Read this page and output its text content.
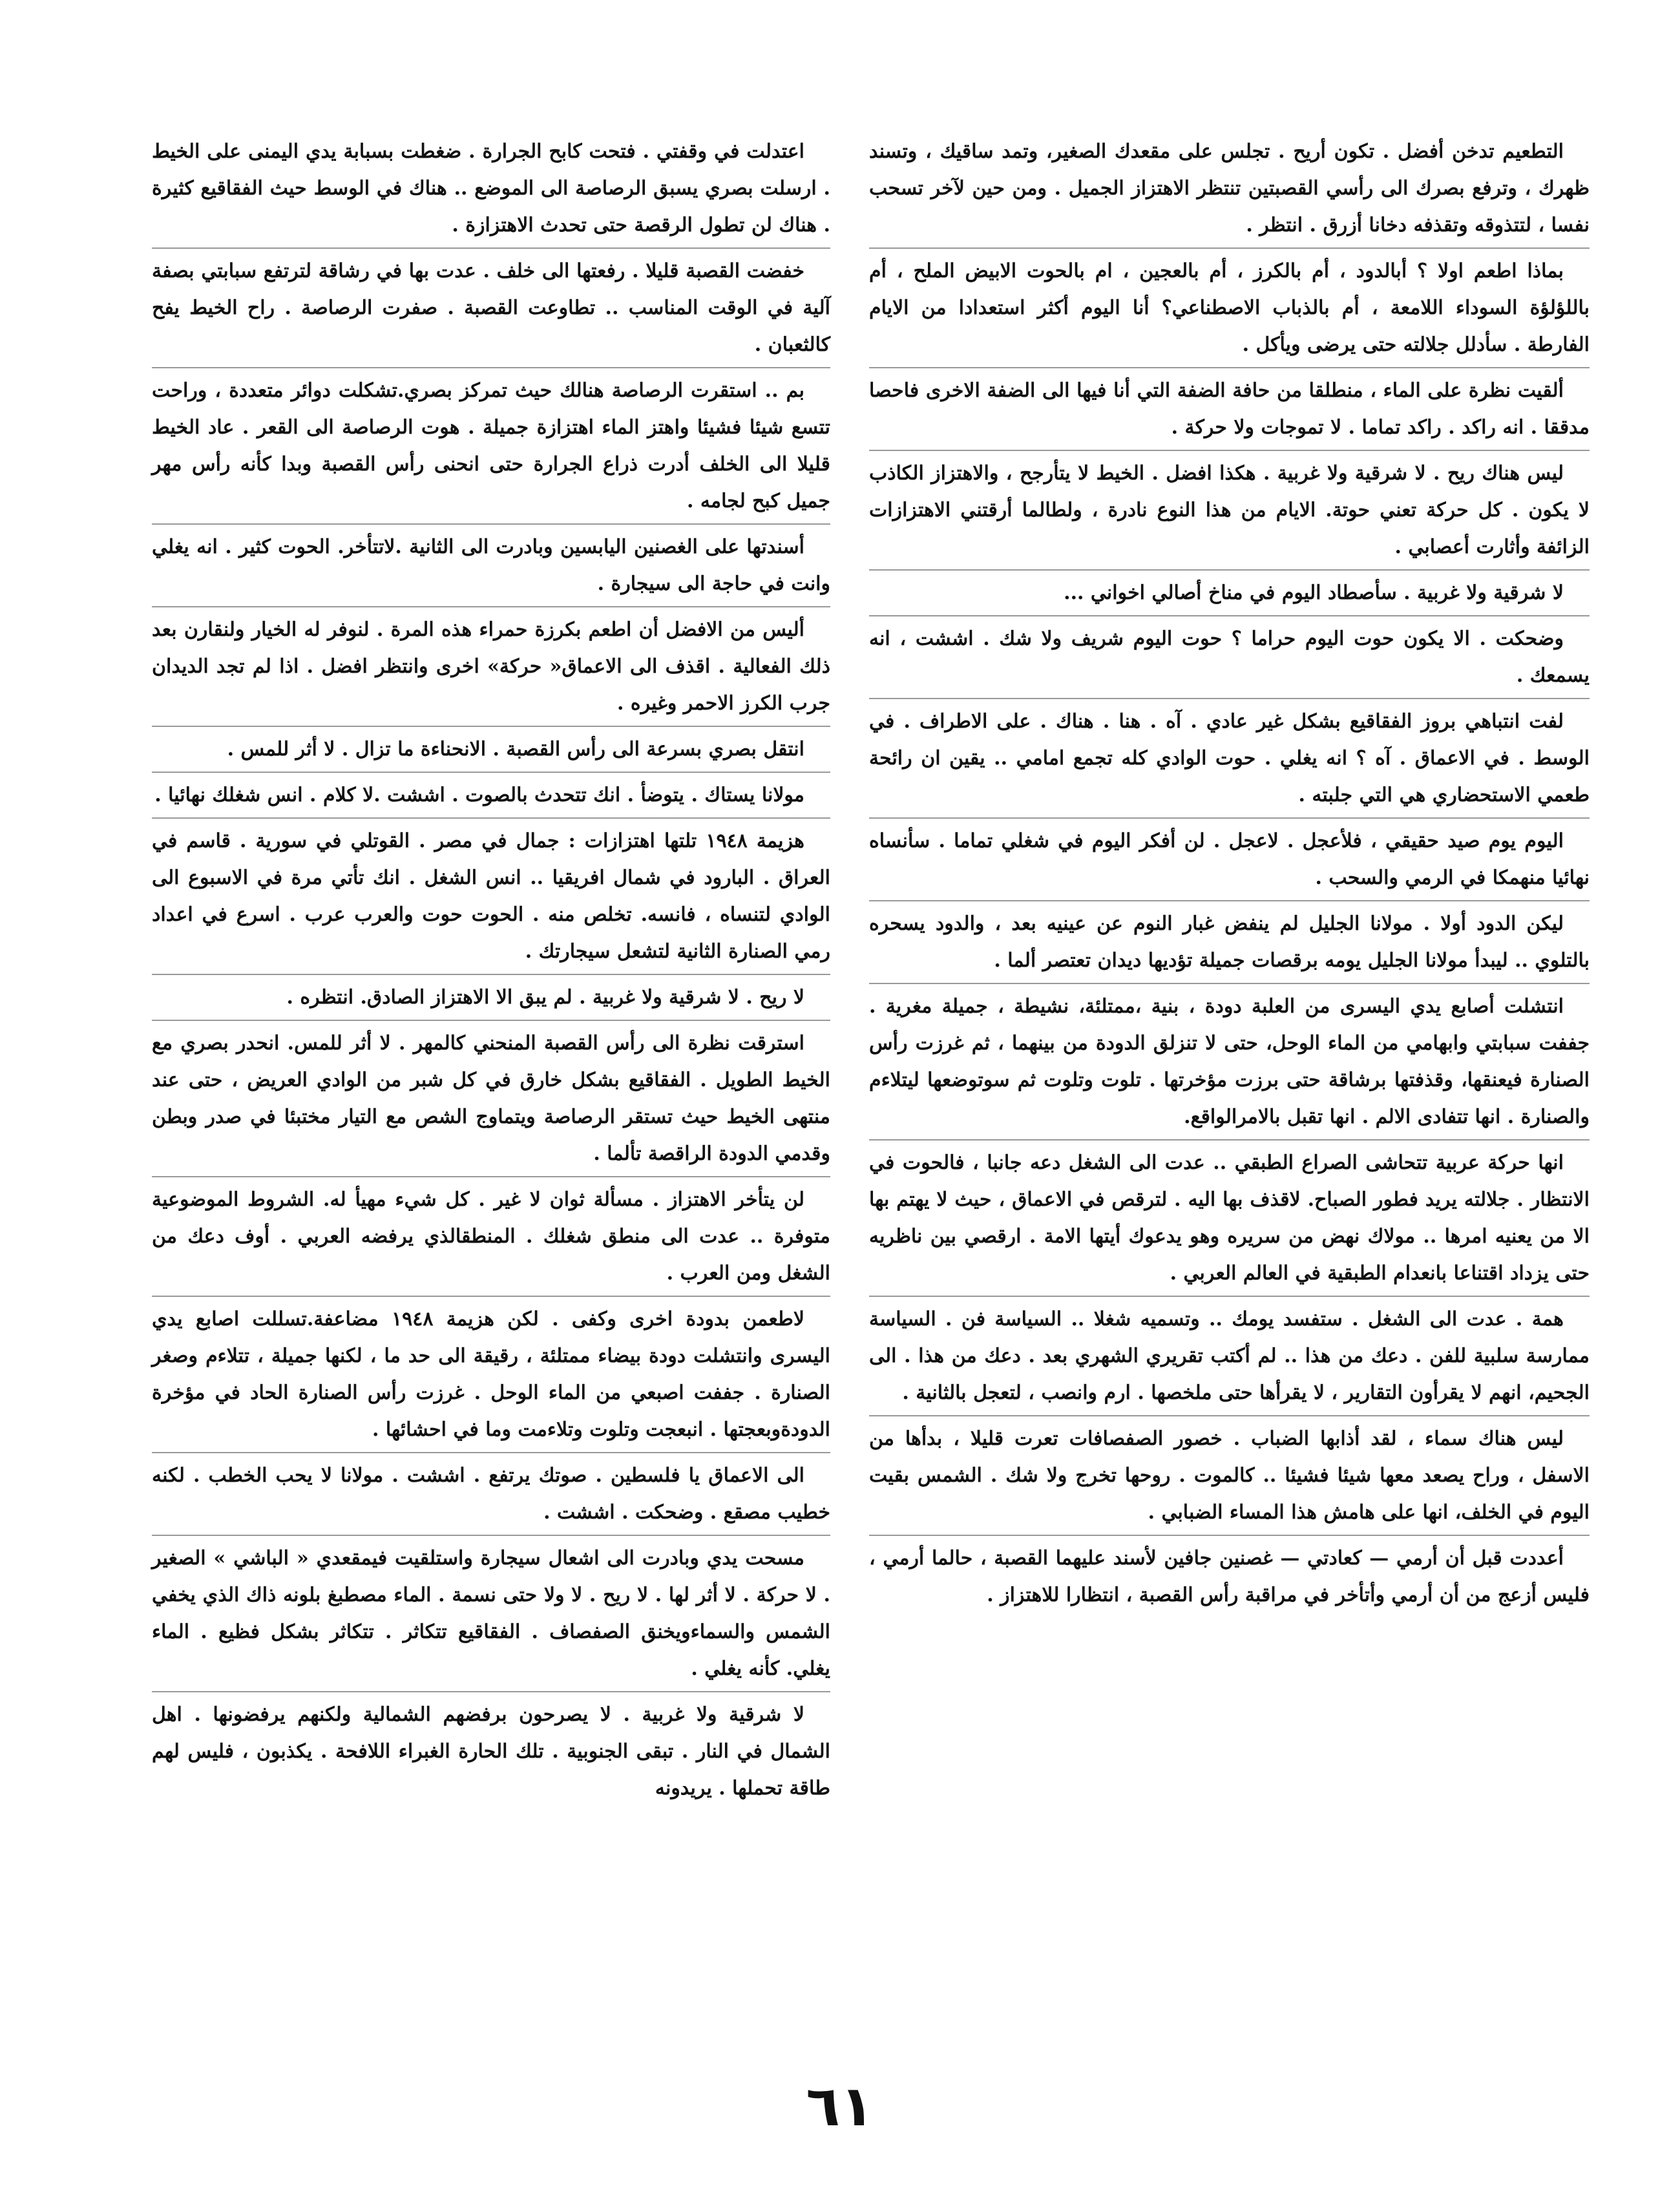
التطعيم تدخن أفضل . تكون أريح . تجلس على مقعدك الصغير، وتمد ساقيك ، وتسند ظهرك ، وترفع بصرك الى رأسي القصبتين تنتظر الاهتزاز الجميل . ومن حين لآخر تسحب نفسا ، لتتذوقه وتقذفه دخانا أزرق . انتظر .

بماذا اطعم اولا ؟ أبالدود ، أم بالكرز ، أم بالعجين ، ام بالحوت الابيض الملح ، أم باللؤلؤة السوداء اللامعة ، أم بالذباب الاصطناعي؟ أنا اليوم أكثر استعدادا من الايام الفارطة . سأدلل جلالته حتى يرضى ويأكل .

ألقيت نظرة على الماء ، منطلقا من حافة الضفة التي أنا فيها الى الضفة الاخرى فاحصا مدققا . انه راكد . راكد تماما . لا تموجات ولا حركة .

ليس هناك ريح . لا شرقية ولا غربية . هكذا افضل . الخيط لا يتأرجح ، والاهتزاز الكاذب لا يكون . كل حركة تعني حوتة. الايام من هذا النوع نادرة ، ولطالما أرقتني الاهتزازات الزائفة وأثارت أعصابي .

لا شرقية ولا غربية . سأصطاد اليوم في مناخ أصالي اخواني ...

وضحكت . الا يكون حوت اليوم حراما ؟ حوت اليوم شريف ولا شك . اششت ، انه يسمعك .

لفت انتباهي بروز الفقاقيع بشكل غير عادي . آه . هنا . هناك . على الاطراف . في الوسط . في الاعماق . آه ؟ انه يغلي . حوت الوادي كله تجمع امامي .. يقين ان رائحة طعمي الاستحضاري هي التي جلبته .

اليوم يوم صيد حقيقي ، فلأعجل . لاعجل . لن أفكر اليوم في شغلي تماما . سأنساه نهائيا منهمكا في الرمي والسحب .

ليكن الدود أولا . مولانا الجليل لم ينفض غبار النوم عن عينيه بعد ، والدود يسحره بالتلوي .. ليبدأ مولانا الجليل يومه برقصات جميلة تؤديها ديدان تعتصر ألما .

انتشلت أصابع يدي اليسرى من العلبة دودة ، بنية ،ممتلئة، نشيطة ، جميلة مغرية . جففت سبابتي وابهامي من الماء الوحل، حتى لا تنزلق الدودة من بينهما ، ثم غرزت رأس الصنارة فيعنقها، وقذفتها برشاقة حتى برزت مؤخرتها . تلوت وتلوت ثم سوتوضعها ليتلاءم والصنارة . انها تتفادى الالم . انها تقبل بالامرالواقع.

انها حركة عربية تتحاشى الصراع الطبقي .. عدت الى الشغل دعه جانبا ، فالحوت في الانتظار . جلالته يريد فطور الصباح. لاقذف بها اليه . لترقص في الاعماق ، حيث لا يهتم بها الا من يعنيه امرها .. مولاك نهض من سريره وهو يدعوك أيتها الامة . ارقصي بين ناظريه حتى يزداد اقتناعا بانعدام الطبقية في العالم العربي .

همة . عدت الى الشغل . ستفسد يومك .. وتسميه شغلا .. السياسة فن . السياسة ممارسة سلبية للفن . دعك من هذا .. لم أكتب تقريري الشهري بعد . دعك من هذا . الى الجحيم، انهم لا يقرأون التقارير ، لا يقرأها حتى ملخصها . ارم وانصب ، لتعجل بالثانية .

ليس هناك سماء ، لقد أذابها الضباب . خصور الصفصافات تعرت قليلا ، بدأها من الاسفل ، وراح يصعد معها شيئا فشيئا .. كالموت . روحها تخرج ولا شك . الشمس بقيت اليوم في الخلف، انها على هامش هذا المساء الضبابي .

أعددت قبل أن أرمي — كعادتي — غصنين جافين لأسند عليهما القصبة ، حالما أرمي ، فليس أزعج من أن أرمي وأتأخر في مراقبة رأس القصبة ، انتظارا للاهتزاز .

اعتدلت في وقفتي . فتحت كابح الجرارة . ضغطت بسبابة يدي اليمنى على الخيط . ارسلت بصري يسبق الرصاصة الى الموضع .. هناك في الوسط حيث الفقاقيع كثيرة . هناك لن تطول الرقصة حتى تحدث الاهتزازة .

خفضت القصبة قليلا . رفعتها الى خلف . عدت بها في رشاقة لترتفع سبابتي بصفة آلية في الوقت المناسب .. تطاوعت القصبة . صفرت الرصاصة . راح الخيط يفح كالثعبان .

بم .. استقرت الرصاصة هنالك حيث تمركز بصري.تشكلت دوائر متعددة ، وراحت تتسع شيئا فشيئا واهتز الماء اهتزازة جميلة . هوت الرصاصة الى القعر . عاد الخيط قليلا الى الخلف أدرت ذراع الجرارة حتى انحنى رأس القصبة وبدا كأنه رأس مهر جميل كبح لجامه .

أسندتها على الغصنين اليابسين وبادرت الى الثانية .لاتتأخر. الحوت كثير . انه يغلي وانت في حاجة الى سيجارة .

أليس من الافضل أن اطعم بكرزة حمراء هذه المرة . لنوفر له الخيار ولنقارن بعد ذلك الفعالية . اقذف الى الاعماق« حركة» اخرى وانتظر افضل . اذا لم تجد الديدان جرب الكرز الاحمر وغيره .

انتقل بصري بسرعة الى رأس القصبة . الانحناءة ما تزال . لا أثر للمس .

مولانا يستاك . يتوضأ . انك تتحدث بالصوت . اششت .لا كلام . انس شغلك نهائيا .

هزيمة ١٩٤٨ تلتها اهتزازات : جمال في مصر . القوتلي في سورية . قاسم في العراق . البارود في شمال افريقيا .. انس الشغل . انك تأتي مرة في الاسبوع الى الوادي لتنساه ، فانسه. تخلص منه . الحوت حوت والعرب عرب . اسرع في اعداد رمي الصنارة الثانية لتشعل سيجارتك .

لا ريح . لا شرقية ولا غربية . لم يبق الا الاهتزاز الصادق. انتظره .

استرقت نظرة الى رأس القصبة المنحني كالمهر . لا أثر للمس. انحدر بصري مع الخيط الطويل . الفقاقيع بشكل خارق في كل شبر من الوادي العريض ، حتى عند منتهى الخيط حيث تستقر الرصاصة ويتماوج الشص مع التيار مختبئا في صدر وبطن وقدمي الدودة الراقصة تألما .

لن يتأخر الاهتزاز . مسألة ثوان لا غير . كل شيء مهيأ له. الشروط الموضوعية متوفرة .. عدت الى منطق شغلك . المنطقالذي يرفضه العربي . أوف دعك من الشغل ومن العرب .

لاطعمن بدودة اخرى وكفى . لكن هزيمة ١٩٤٨ مضاعفة.تسللت اصابع يدي اليسرى وانتشلت دودة بيضاء ممتلئة ، رقيقة الى حد ما ، لكنها جميلة ، تتلاءم وصغر الصنارة . جففت اصبعي من الماء الوحل . غرزت رأس الصنارة الحاد في مؤخرة الدودةوبعجتها . انبعجت وتلوت وتلاءمت وما في احشائها .

الى الاعماق يا فلسطين . صوتك يرتفع . اششت . مولانا لا يحب الخطب . لكنه خطيب مصقع . وضحكت . اششت .

مسحت يدي وبادرت الى اشعال سيجارة واستلقيت فيمقعدي « الباشي » الصغير . لا حركة . لا أثر لها . لا ريح . لا ولا حتى نسمة . الماء مصطبغ بلونه ذاك الذي يخفي الشمس والسماءويخنق الصفصاف . الفقاقيع تتكاثر . تتكاثر بشكل فظيع . الماء يغلي. كأنه يغلي .

لا شرقية ولا غربية . لا يصرحون برفضهم الشمالية ولكنهم يرفضونها . اهل الشمال في النار . تبقى الجنوبية . تلك الحارة الغبراء اللافحة . يكذبون ، فليس لهم طاقة تحملها . يريدونه

٦١
